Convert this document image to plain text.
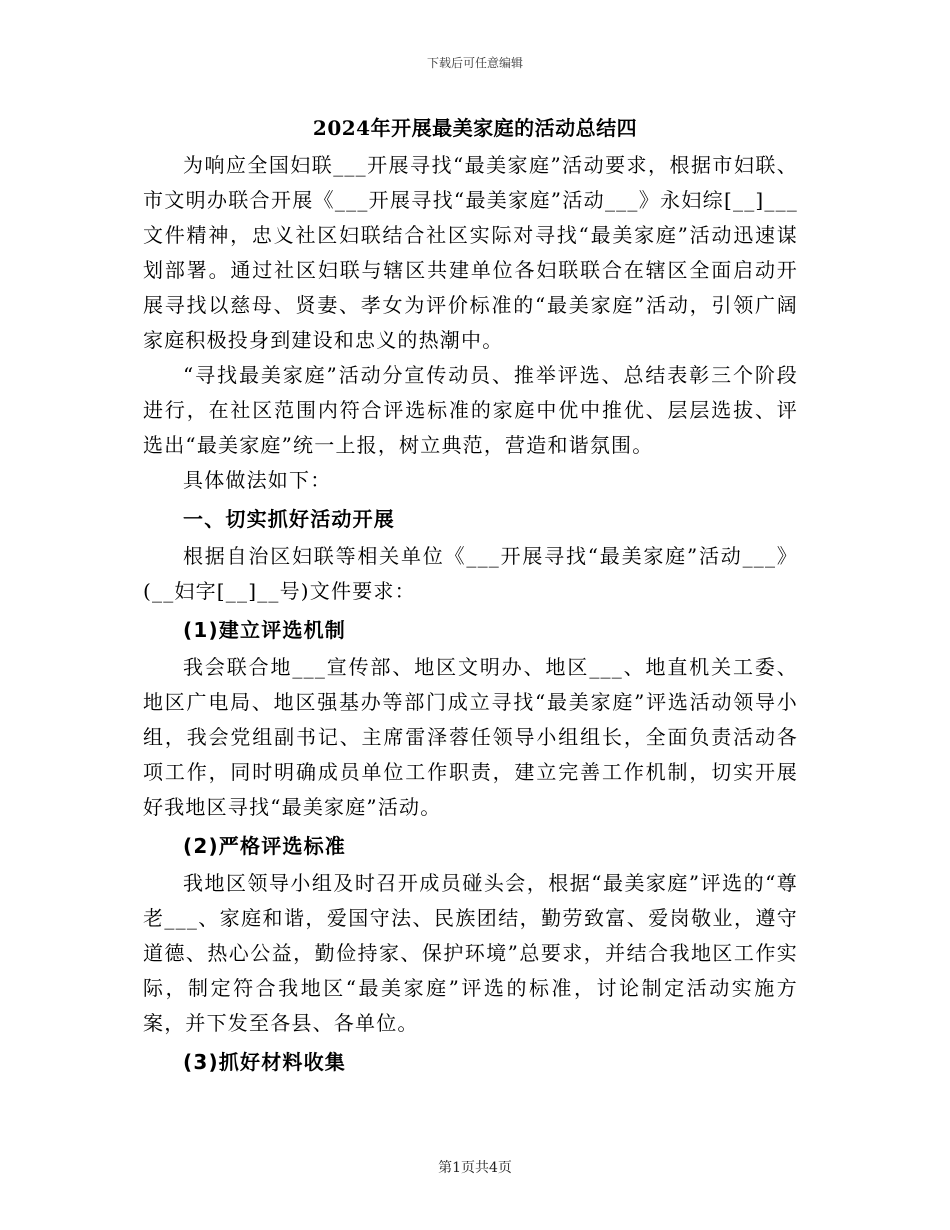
下载后可任意编辑
2024年开展最美家庭的活动总结四

为响应全国妇联___开展寻找“最美家庭”活动要求，根据市妇联、市文明办联合开展《___开展寻找“最美家庭”活动___》永妇综[__]___文件精神，忠义社区妇联结合社区实际对寻找“最美家庭”活动迅速谋划部署。通过社区妇联与辖区共建单位各妇联联合在辖区全面启动开展寻找以慈母、贤妻、孝女为评价标准的“最美家庭”活动，引领广阔家庭积极投身到建设和忠义的热潮中。

“寻找最美家庭”活动分宣传动员、推举评选、总结表彰三个阶段进行，在社区范围内符合评选标准的家庭中优中推优、层层选拔、评选出“最美家庭”统一上报，树立典范，营造和谐氛围。

具体做法如下：

一、切实抓好活动开展

根据自治区妇联等相关单位《___开展寻找“最美家庭”活动___》(__妇字[__]__号)文件要求：

(1)建立评选机制

我会联合地___宣传部、地区文明办、地区___、地直机关工委、地区广电局、地区强基办等部门成立寻找“最美家庭”评选活动领导小组，我会党组副书记、主席雷泽蓉任领导小组组长，全面负责活动各项工作，同时明确成员单位工作职责，建立完善工作机制，切实开展好我地区寻找“最美家庭”活动。

(2)严格评选标准

我地区领导小组及时召开成员碰头会，根据“最美家庭”评选的“尊老___、家庭和谐，爱国守法、民族团结，勤劳致富、爱岗敬业，遵守道德、热心公益，勤俭持家、保护环境”总要求，并结合我地区工作实际，制定符合我地区“最美家庭”评选的标准，讨论制定活动实施方案，并下发至各县、各单位。

(3)抓好材料收集

第1页共4页
